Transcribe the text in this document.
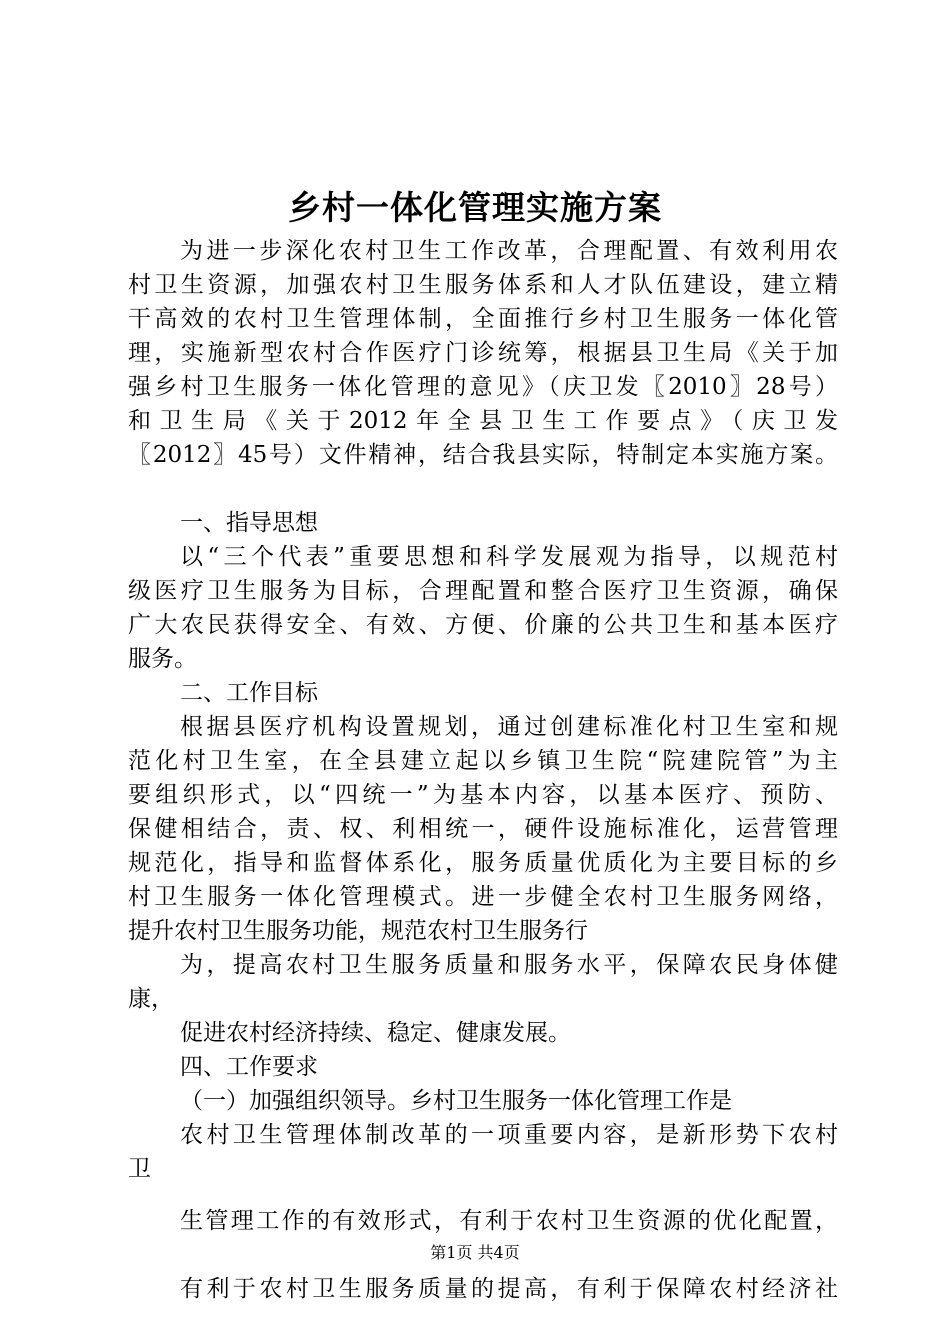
乡村一体化管理实施方案
为进一步深化农村卫生工作改革，合理配置、有效利用农
村卫生资源，加强农村卫生服务体系和人才队伍建设，建立精
干高效的农村卫生管理体制，全面推行乡村卫生服务一体化管
理，实施新型农村合作医疗门诊统筹，根据县卫生局《关于加
强乡村卫生服务一体化管理的意见》（庆卫发〖2010〗28号）
和卫生局《关于2012年全县卫生工作要点》（庆卫发
〖2012〗45号）文件精神，结合我县实际，特制定本实施方案。
一、指导思想
以“三个代表”重要思想和科学发展观为指导，以规范村
级医疗卫生服务为目标，合理配置和整合医疗卫生资源，确保
广大农民获得安全、有效、方便、价廉的公共卫生和基本医疗
服务。
二、工作目标
根据县医疗机构设置规划，通过创建标准化村卫生室和规
范化村卫生室，在全县建立起以乡镇卫生院“院建院管”为主
要组织形式，以“四统一”为基本内容，以基本医疗、预防、
保健相结合，责、权、利相统一，硬件设施标准化，运营管理
规范化，指导和监督体系化，服务质量优质化为主要目标的乡
村卫生服务一体化管理模式。进一步健全农村卫生服务网络，
提升农村卫生服务功能，规范农村卫生服务行
为，提高农村卫生服务质量和服务水平，保障农民身体健
康，
促进农村经济持续、稳定、健康发展。
四、工作要求
（一）加强组织领导。乡村卫生服务一体化管理工作是
农村卫生管理体制改革的一项重要内容，是新形势下农村
卫
生管理工作的有效形式，有利于农村卫生资源的优化配置，
有利于农村卫生服务质量的提高，有利于保障农村经济社
第1页 共4页
